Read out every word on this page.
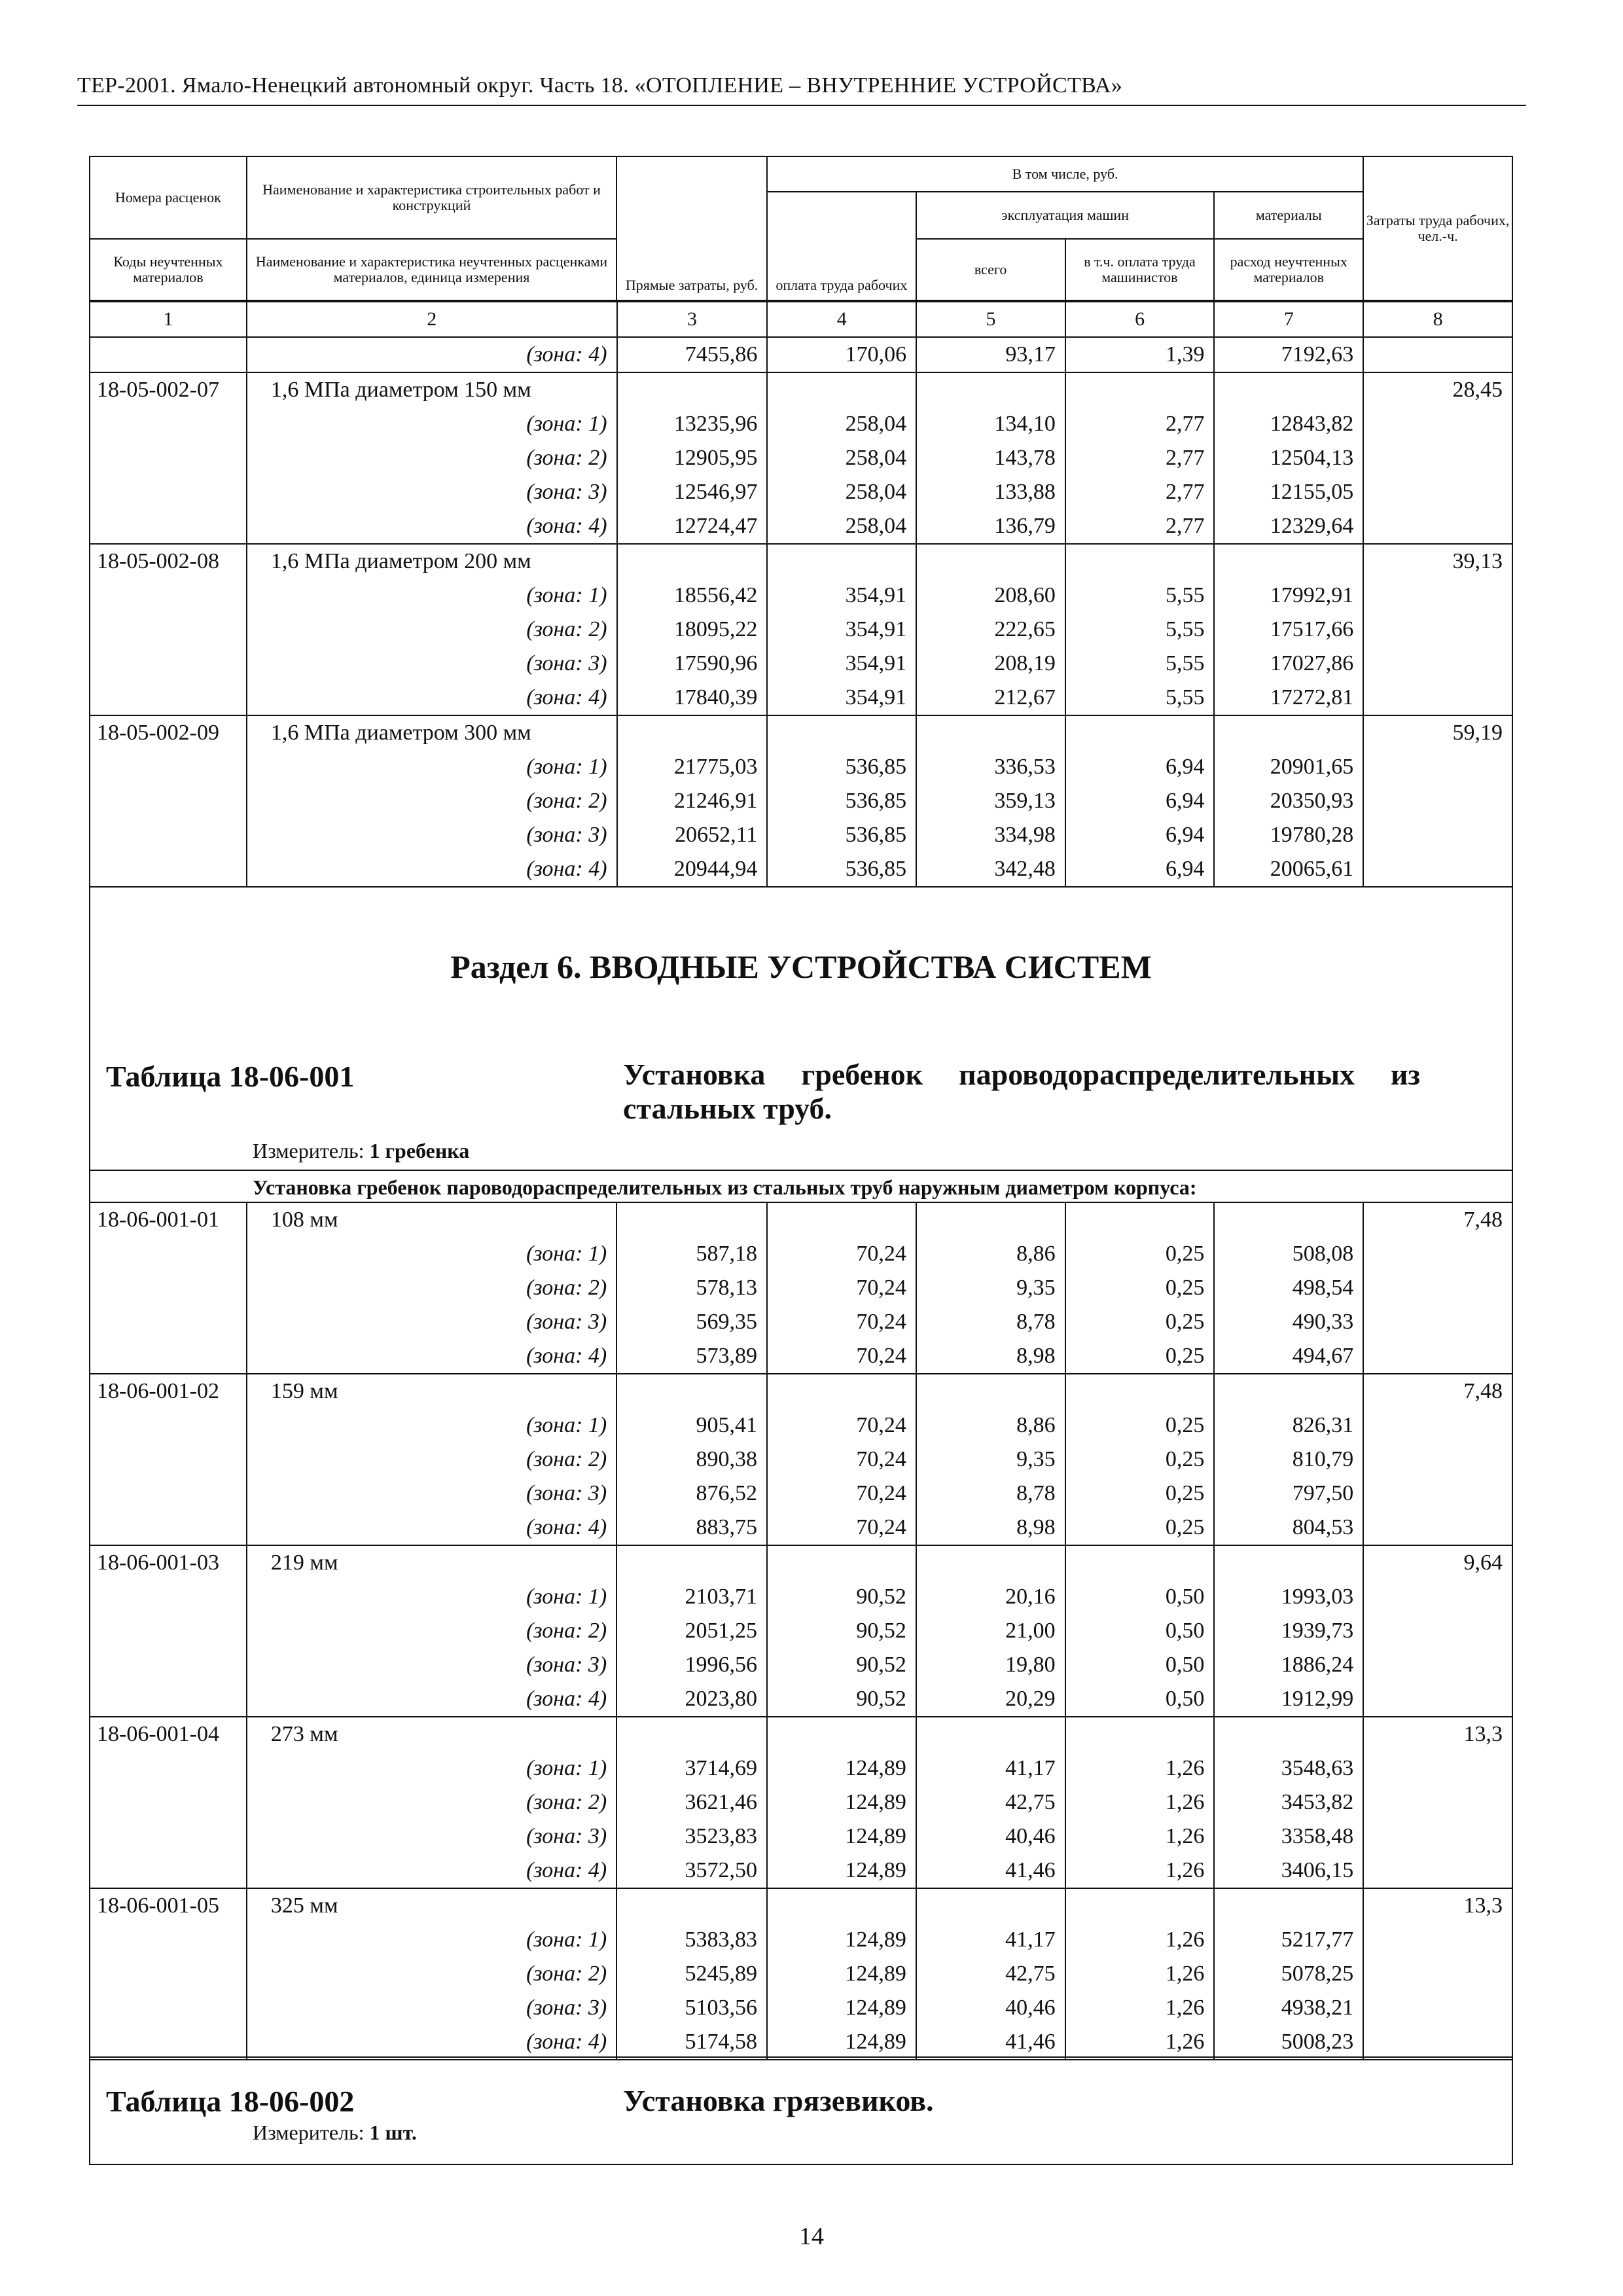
ТЕР-2001. Ямало-Ненецкий автономный округ. Часть 18. «ОТОПЛЕНИЕ – ВНУТРЕННИЕ УСТРОЙСТВА»
Номера расценок	Наименование и характеристика строительных работ и конструкций	Прямые затраты, руб.	В том числе, руб.				Затраты труда рабочих, чел.-ч.
			оплата труда рабочих	эксплуатация машин		материалы	
Коды неучтенных материалов	Наименование и характеристика неучтенных расценками материалов, единица измерения			всего	в т.ч. оплата труда машинистов	расход неучтенных материалов	

1	2	3	4	5	6	7	8
	(зона: 4)	7455,86	170,06	93,17	1,39	7192,63	
18-05-002-07	1,6 МПа диаметром 150 мм						28,45
	(зона: 1)	13235,96	258,04	134,10	2,77	12843,82	
	(зона: 2)	12905,95	258,04	143,78	2,77	12504,13	
	(зона: 3)	12546,97	258,04	133,88	2,77	12155,05	
	(зона: 4)	12724,47	258,04	136,79	2,77	12329,64	
18-05-002-08	1,6 МПа диаметром 200 мм						39,13
	(зона: 1)	18556,42	354,91	208,60	5,55	17992,91	
	(зона: 2)	18095,22	354,91	222,65	5,55	17517,66	
	(зона: 3)	17590,96	354,91	208,19	5,55	17027,86	
	(зона: 4)	17840,39	354,91	212,67	5,55	17272,81	
18-05-002-09	1,6 МПа диаметром 300 мм						59,19
	(зона: 1)	21775,03	536,85	336,53	6,94	20901,65	
	(зона: 2)	21246,91	536,85	359,13	6,94	20350,93	
	(зона: 3)	20652,11	536,85	334,98	6,94	19780,28	
	(зона: 4)	20944,94	536,85	342,48	6,94	20065,61	
Раздел 6. ВВОДНЫЕ УСТРОЙСТВА СИСТЕМ
Таблица 18-06-001	Установка гребенок пароводораспределительных из стальных труб.
Измеритель: 1 гребенка
Установка гребенок пароводораспределительных из стальных труб наружным диаметром корпуса:
18-06-001-01	108 мм						7,48
	(зона: 1)	587,18	70,24	8,86	0,25	508,08	
	(зона: 2)	578,13	70,24	9,35	0,25	498,54	
	(зона: 3)	569,35	70,24	8,78	0,25	490,33	
	(зона: 4)	573,89	70,24	8,98	0,25	494,67	
18-06-001-02	159 мм						7,48
	(зона: 1)	905,41	70,24	8,86	0,25	826,31	
	(зона: 2)	890,38	70,24	9,35	0,25	810,79	
	(зона: 3)	876,52	70,24	8,78	0,25	797,50	
	(зона: 4)	883,75	70,24	8,98	0,25	804,53	
18-06-001-03	219 мм						9,64
	(зона: 1)	2103,71	90,52	20,16	0,50	1993,03	
	(зона: 2)	2051,25	90,52	21,00	0,50	1939,73	
	(зона: 3)	1996,56	90,52	19,80	0,50	1886,24	
	(зона: 4)	2023,80	90,52	20,29	0,50	1912,99	
18-06-001-04	273 мм						13,3
	(зона: 1)	3714,69	124,89	41,17	1,26	3548,63	
	(зона: 2)	3621,46	124,89	42,75	1,26	3453,82	
	(зона: 3)	3523,83	124,89	40,46	1,26	3358,48	
	(зона: 4)	3572,50	124,89	41,46	1,26	3406,15	
18-06-001-05	325 мм						13,3
	(зона: 1)	5383,83	124,89	41,17	1,26	5217,77	
	(зона: 2)	5245,89	124,89	42,75	1,26	5078,25	
	(зона: 3)	5103,56	124,89	40,46	1,26	4938,21	
	(зона: 4)	5174,58	124,89	41,46	1,26	5008,23	
Таблица 18-06-002	Установка грязевиков.
Измеритель: 1 шт.
14
